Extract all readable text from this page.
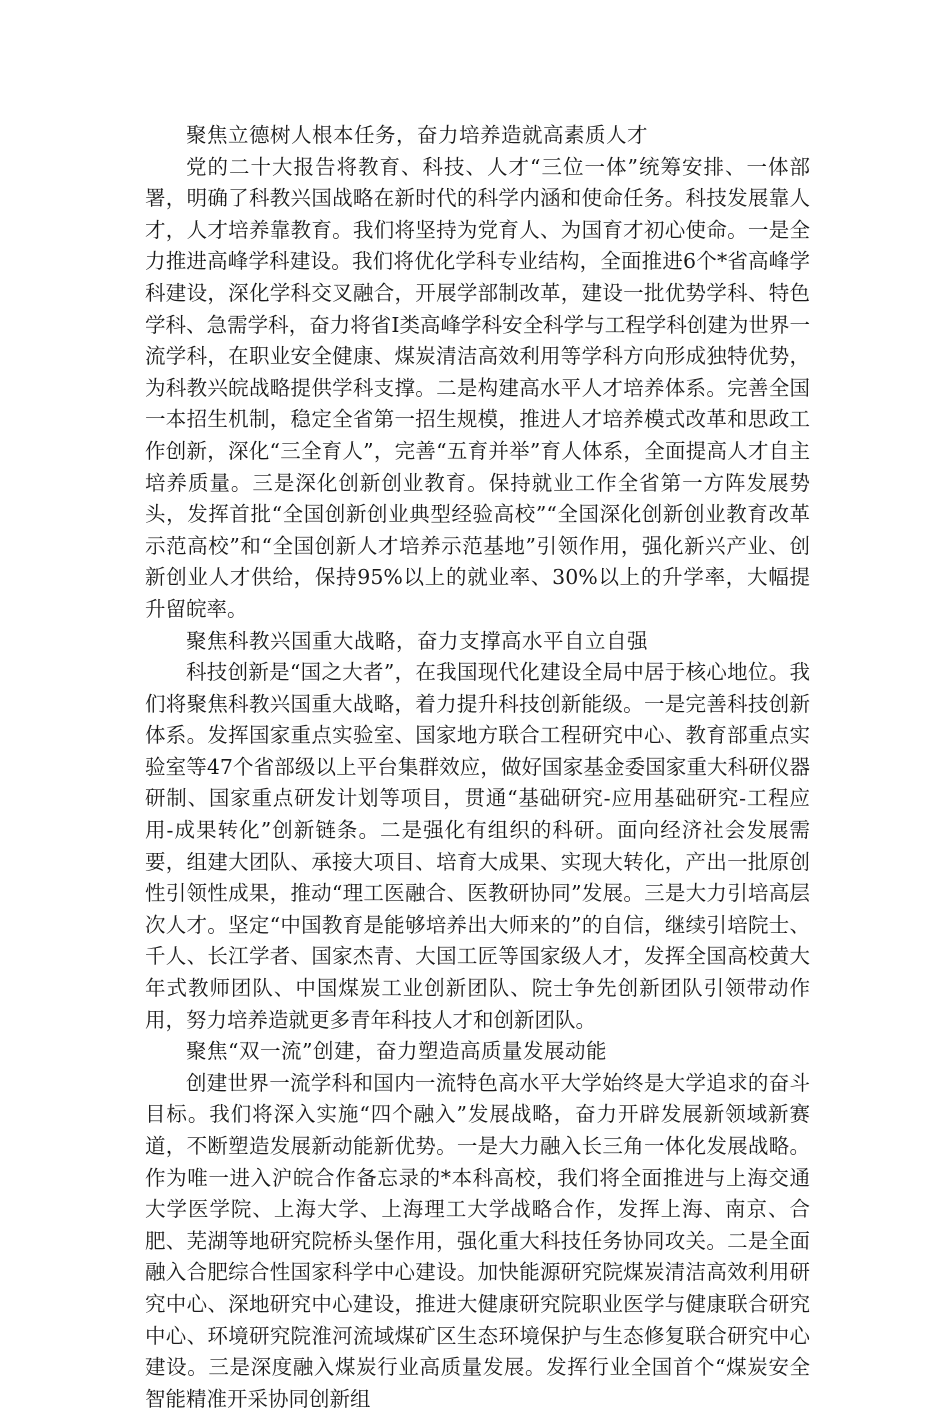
聚焦立德树人根本任务，奋力培养造就高素质人才

党的二十大报告将教育、科技、人才“三位一体”统筹安排、一体部署，明确了科教兴国战略在新时代的科学内涵和使命任务。科技发展靠人才，人才培养靠教育。我们将坚持为党育人、为国育才初心使命。一是全力推进高峰学科建设。我们将优化学科专业结构，全面推进6个*省高峰学科建设，深化学科交叉融合，开展学部制改革，建设一批优势学科、特色学科、急需学科，奋力将省Ⅰ类高峰学科安全科学与工程学科创建为世界一流学科，在职业安全健康、煤炭清洁高效利用等学科方向形成独特优势，为科教兴皖战略提供学科支撑。二是构建高水平人才培养体系。完善全国一本招生机制，稳定全省第一招生规模，推进人才培养模式改革和思政工作创新，深化“三全育人”，完善“五育并举”育人体系，全面提高人才自主培养质量。三是深化创新创业教育。保持就业工作全省第一方阵发展势头，发挥首批“全国创新创业典型经验高校”“全国深化创新创业教育改革示范高校”和“全国创新人才培养示范基地”引领作用，强化新兴产业、创新创业人才供给，保持95%以上的就业率、30%以上的升学率，大幅提升留皖率。

聚焦科教兴国重大战略，奋力支撑高水平自立自强

科技创新是“国之大者”，在我国现代化建设全局中居于核心地位。我们将聚焦科教兴国重大战略，着力提升科技创新能级。一是完善科技创新体系。发挥国家重点实验室、国家地方联合工程研究中心、教育部重点实验室等47个省部级以上平台集群效应，做好国家基金委国家重大科研仪器研制、国家重点研发计划等项目，贯通“基础研究-应用基础研究-工程应用-成果转化”创新链条。二是强化有组织的科研。面向经济社会发展需要，组建大团队、承接大项目、培育大成果、实现大转化，产出一批原创性引领性成果，推动“理工医融合、医教研协同”发展。三是大力引培高层次人才。坚定“中国教育是能够培养出大师来的”的自信，继续引培院士、千人、长江学者、国家杰青、大国工匠等国家级人才，发挥全国高校黄大年式教师团队、中国煤炭工业创新团队、院士争先创新团队引领带动作用，努力培养造就更多青年科技人才和创新团队。

聚焦“双一流”创建，奋力塑造高质量发展动能

创建世界一流学科和国内一流特色高水平大学始终是大学追求的奋斗目标。我们将深入实施“四个融入”发展战略，奋力开辟发展新领域新赛道，不断塑造发展新动能新优势。一是大力融入长三角一体化发展战略。作为唯一进入沪皖合作备忘录的*本科高校，我们将全面推进与上海交通大学医学院、上海大学、上海理工大学战略合作，发挥上海、南京、合肥、芜湖等地研究院桥头堡作用，强化重大科技任务协同攻关。二是全面融入合肥综合性国家科学中心建设。加快能源研究院煤炭清洁高效利用研究中心、深地研究中心建设，推进大健康研究院职业医学与健康联合研究中心、环境研究院淮河流域煤矿区生态环境保护与生态修复联合研究中心建设。三是深度融入煤炭行业高质量发展。发挥行业全国首个“煤炭安全智能精准开采协同创新组
